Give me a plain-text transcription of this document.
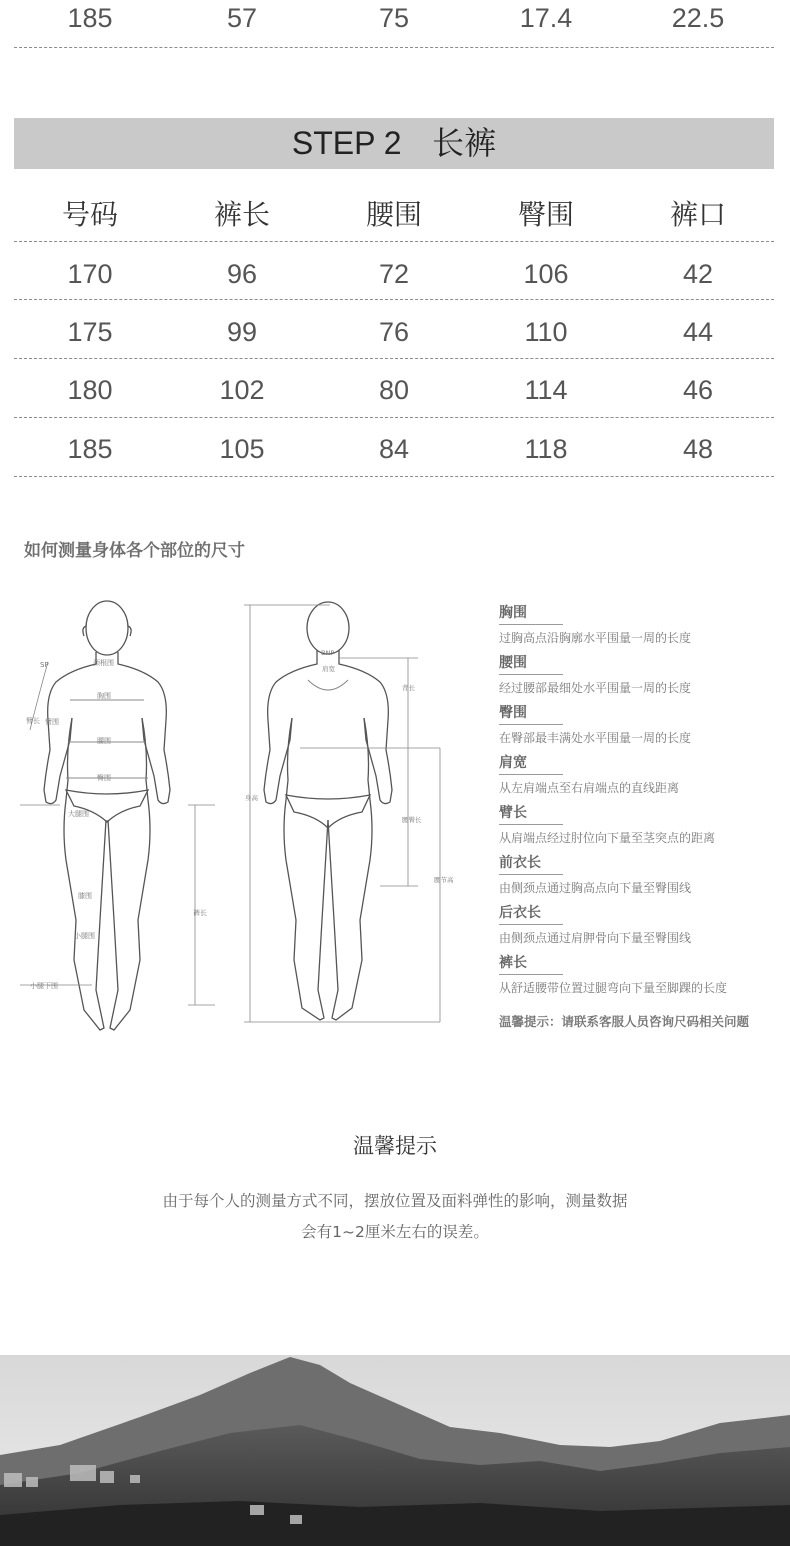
185	57	75	17.4	22.5
STEP 2 长裤
号码	裤长	腰围	臀围	裤口
170	96	72	106	42
175	99	76	110	44
180	102	80	114	46
185	105	84	118	48
如何测量身体各个部位的尺寸
SP	颈根围
胸围
臂围
臂长
腰围
臀围
大腿围
膝围
小腿围
小腿下围
裤长
BNP
肩宽
背长
身高
腰臀长
腰节高
胸围
过胸高点沿胸廓水平围量一周的长度
腰围
经过腰部最细处水平围量一周的长度
臀围
在臀部最丰满处水平围量一周的长度
肩宽
从左肩端点至右肩端点的直线距离
臂长
从肩端点经过肘位向下量至茎突点的距离
前衣长
由侧颈点通过胸高点向下量至臀围线
后衣长
由侧颈点通过肩胛骨向下量至臀围线
裤长
从舒适腰带位置过腿弯向下量至脚踝的长度
温馨提示：请联系客服人员咨询尺码相关问题
温馨提示
由于每个人的测量方式不同，摆放位置及面料弹性的影响，测量数据
会有1~2厘米左右的误差。
